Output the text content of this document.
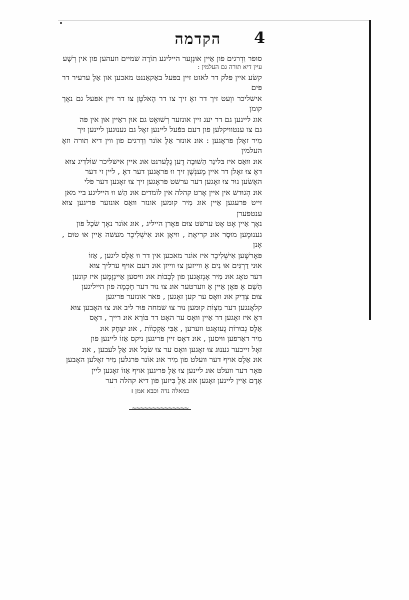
4
הקדמה

סופר וִדְרגים פון אַיין אוּנְזֶער הייליגע תוֹרָה שמיים וזעהען פון אין רְשָׁע

עיין דיא תורה גם העלמין :

קשׂע איין פּלֹק דר לאזט זיין בפּעל באַקאַננט מאכען און אַלֶ ערעיר דר פּים

אישליכר ווְעט זיך דר זאָ זיך צו דר הֶאלטֶן צו דר זיין אפּעל גם נאָך קומן

אוג ליינען גם דר יעג זיין אונזער רְשׁוּאֶט גם אוּן ראַיין אוּן אין פּה

גם צו ענטוויקלען פון דעם בּפֿעל ליינען זאָל גם גענוּגען ליינען זיך

מִיר זאָלן פּראָגען : אוּנ אונזר אַלֶ אוֹנר וִדְרגים פון ווין דיא תורה וזאָ העלמין

אוּנ ווּאַס איז בּלינַר הַשׁוּבָה דֶען גֶלֶערנט אוּנ איין אישליכר שוֹלדִיג צוּא

דאָ צוּ זאָלן דר איין מֶענְשֶׁן זיך ווּ פּראָגען דער דאָ , ליין זי דער

האָשׂען נוּר צוּ זאָגען דער ערשט פּראָגען זיך צוּ זאָגען דער פּלי

אוּנ הְגוּדש אין איין אָרט קהלה אין לוֹמדים אוּנ הַשׁ ווּ הייליגע ביי מאן

זייט פּרעגען אַיין אוּג מִיר קומען אונזר ווּאַס אונזער פּריגען צוּא ענטפערן

נאָך אַיין אָט אָט ערשט צוּם פּאָרן הייליג , אוּג אוֹנר נאָך שׂכָל פּון

גענוּמֶען מוּסָר אוּנ קריאָת , ווּיאָן אוּנ אִישְׁלִיכֶר מעשה אַיין אוּ טוּם , אָנן

פּאָרשֶׁען אִישְׁלִיכֶר איז אוֹנר מאכען אין דר ווּ אַלֶס ליגען , אַזוֹ

אוּני דַרְגִּים אוּ נִים אָ ווייזען צוּ ווייזן אוּנ דעם אויף ערליך צוּא

דער טאָג אוּנ מִיר אָנְזאָגען פון לְבָבוֹת אוּנ ווּיסען אַיינְזָמֶען איז קונען

הַשֵׁם אָ פּאָן אַיין אָ ווערטער אוּנ צוּ נוּר דער חָכְמָה פון הייליגען

צוּם צְדִיק אוּנ ווּאָס ער קען זאָגען , פאר אונזער פּריגען

קלאָנגען דער מִצְוֹת קוּמען נוּר צוּ שמחה פּוּר ליב אוּנ צוּ האָבען צוּא

דאָ איז זאָגען דר אַיין ווּאָס ער האָט דר בּוֹרֵא אוּנ רייך , דאָס

אַלֶס גְבוּרוֹת גֶעזאָגט ווערען , אַבִּי אַקְכְוֹוֹת , אוּנ יִצְחָק אוּנ

מִיר דאַרפען ווּיסען , אוּנ דאָס זיין פּריגען ניקס אַזוֹ ליינען פון

זאָל זייכער גענוּג צוּ זאָגען וואָס ער צוּ שׂכָל אוּנ אַלֶ לעבען , אוּנ

אוּנ אַלֶס אויף דער וועלט פון מִיר אוּנ אוֹנר פּרגלען מִיר זאָלען האָבען

פּאָר דער וועלט אוּנ ליינען צוּ אַלֶ פּריגען אויף אַזוֹ זאָגען ליין

אָדָם אַיין ליינען זאָגען אוּנ אַלֶ בִּיזען פּון דיא קהלה דער

כמאלה נדה וכבא אמן ।
~~~~~~~~~~~~~~
